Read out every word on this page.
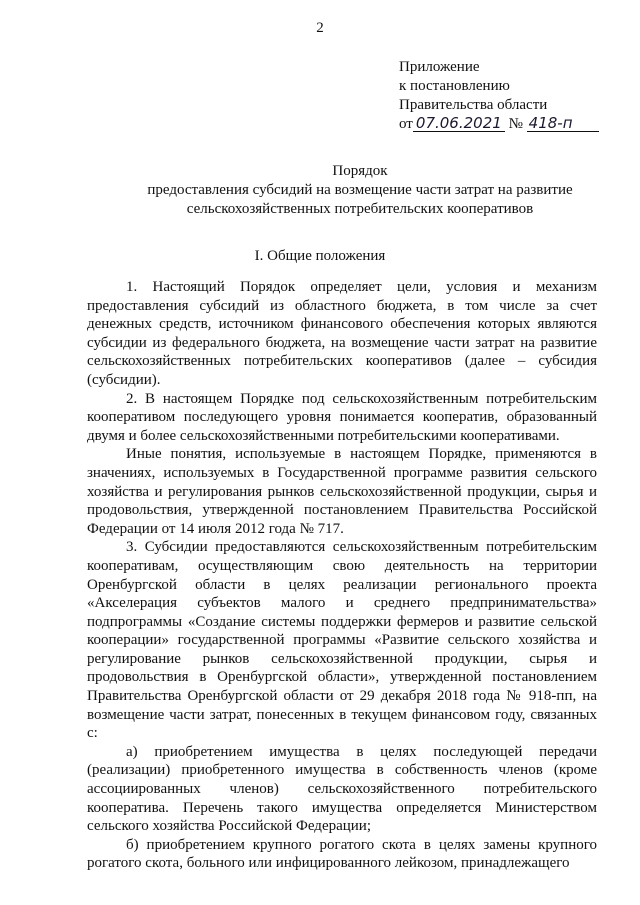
2
Приложение
к постановлению
Правительства области
от 07.06.2021 № 418-п
Порядок
предоставления субсидий на возмещение части затрат на развитие
сельскохозяйственных потребительских кооперативов
I. Общие положения

1. Настоящий Порядок определяет цели, условия и механизм предоставления субсидий из областного бюджета, в том числе за счет денежных средств, источником финансового обеспечения которых являются субсидии из федерального бюджета, на возмещение части затрат на развитие сельскохозяйственных потребительских кооперативов (далее – субсидия (субсидии).

2. В настоящем Порядке под сельскохозяйственным потребительским кооперативом последующего уровня понимается кооператив, образованный двумя и более сельскохозяйственными потребительскими кооперативами.

Иные понятия, используемые в настоящем Порядке, применяются в значениях, используемых в Государственной программе развития сельского хозяйства и регулирования рынков сельскохозяйственной продукции, сырья и продовольствия, утвержденной постановлением Правительства Российской Федерации от 14 июля 2012 года № 717.

3. Субсидии предоставляются сельскохозяйственным потребительским кооперативам, осуществляющим свою деятельность на территории Оренбургской области в целях реализации регионального проекта «Акселерация субъектов малого и среднего предпринимательства» подпрограммы «Создание системы поддержки фермеров и развитие сельской кооперации» государственной программы «Развитие сельского хозяйства и регулирование рынков сельскохозяйственной продукции, сырья и продовольствия в Оренбургской области», утвержденной постановлением Правительства Оренбургской области от 29 декабря 2018 года № 918-пп, на возмещение части затрат, понесенных в текущем финансовом году, связанных с:

а) приобретением имущества в целях последующей передачи (реализации) приобретенного имущества в собственность членов (кроме ассоциированных членов) сельскохозяйственного потребительского кооператива. Перечень такого имущества определяется Министерством сельского хозяйства Российской Федерации;

б) приобретением крупного рогатого скота в целях замены крупного рогатого скота, больного или инфицированного лейкозом, принадлежащего
